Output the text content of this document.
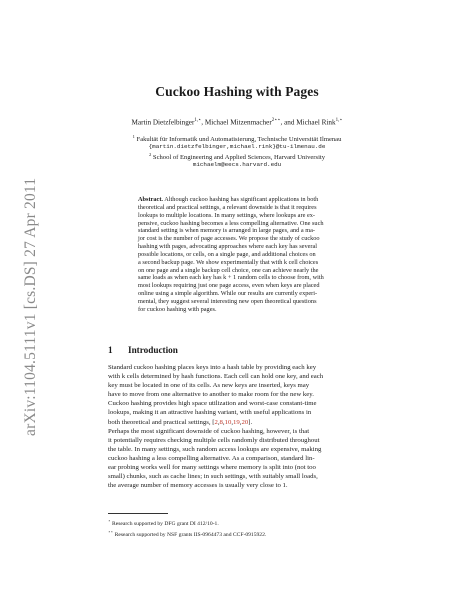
arXiv:1104.5111v1 [cs.DS] 27 Apr 2011
Cuckoo Hashing with Pages
Martin Dietzfelbinger$^{1,⋆}$, Michael Mitzenmacher$^{2⋆⋆}$, and Michael Rink$^{1,⋆}$
$^1$ Fakultät für Informatik und Automatisierung, Technische Universität Ilmenau
{martin.dietzfelbinger,michael.rink}@tu-ilmenau.de
$^2$ School of Engineering and Applied Sciences, Harvard University
michaelm@eecs.harvard.edu
Abstract. Although cuckoo hashing has significant applications in both
theoretical and practical settings, a relevant downside is that it requires
lookups to multiple locations. In many settings, where lookups are ex-
pensive, cuckoo hashing becomes a less compelling alternative. One such
standard setting is when memory is arranged in large pages, and a ma-
jor cost is the number of page accesses. We propose the study of cuckoo
hashing with pages, advocating approaches where each key has several
possible locations, or cells, on a single page, and additional choices on
a second backup page. We show experimentally that with k cell choices
on one page and a single backup cell choice, one can achieve nearly the
same loads as when each key has k + 1 random cells to choose from, with
most lookups requiring just one page access, even when keys are placed
online using a simple algorithm. While our results are currently experi-
mental, they suggest several interesting new open theoretical questions
for cuckoo hashing with pages.
1 Introduction
Standard cuckoo hashing places keys into a hash table by providing each key
with k cells determined by hash functions. Each cell can hold one key, and each
key must be located in one of its cells. As new keys are inserted, keys may
have to move from one alternative to another to make room for the new key.
Cuckoo hashing provides high space utilization and worst-case constant-time
lookups, making it an attractive hashing variant, with useful applications in
both theoretical and practical settings, [2,8,10,19,20].
Perhaps the most significant downside of cuckoo hashing, however, is that
it potentially requires checking multiple cells randomly distributed throughout
the table. In many settings, such random access lookups are expensive, making
cuckoo hashing a less compelling alternative. As a comparison, standard lin-
ear probing works well for many settings where memory is split into (not too
small) chunks, such as cache lines; in such settings, with suitably small loads,
the average number of memory accesses is usually very close to 1.
⋆ Research supported by DFG grant DI 412/10-1.
⋆⋆ Research supported by NSF grants IIS-0964473 and CCF-0915922.
